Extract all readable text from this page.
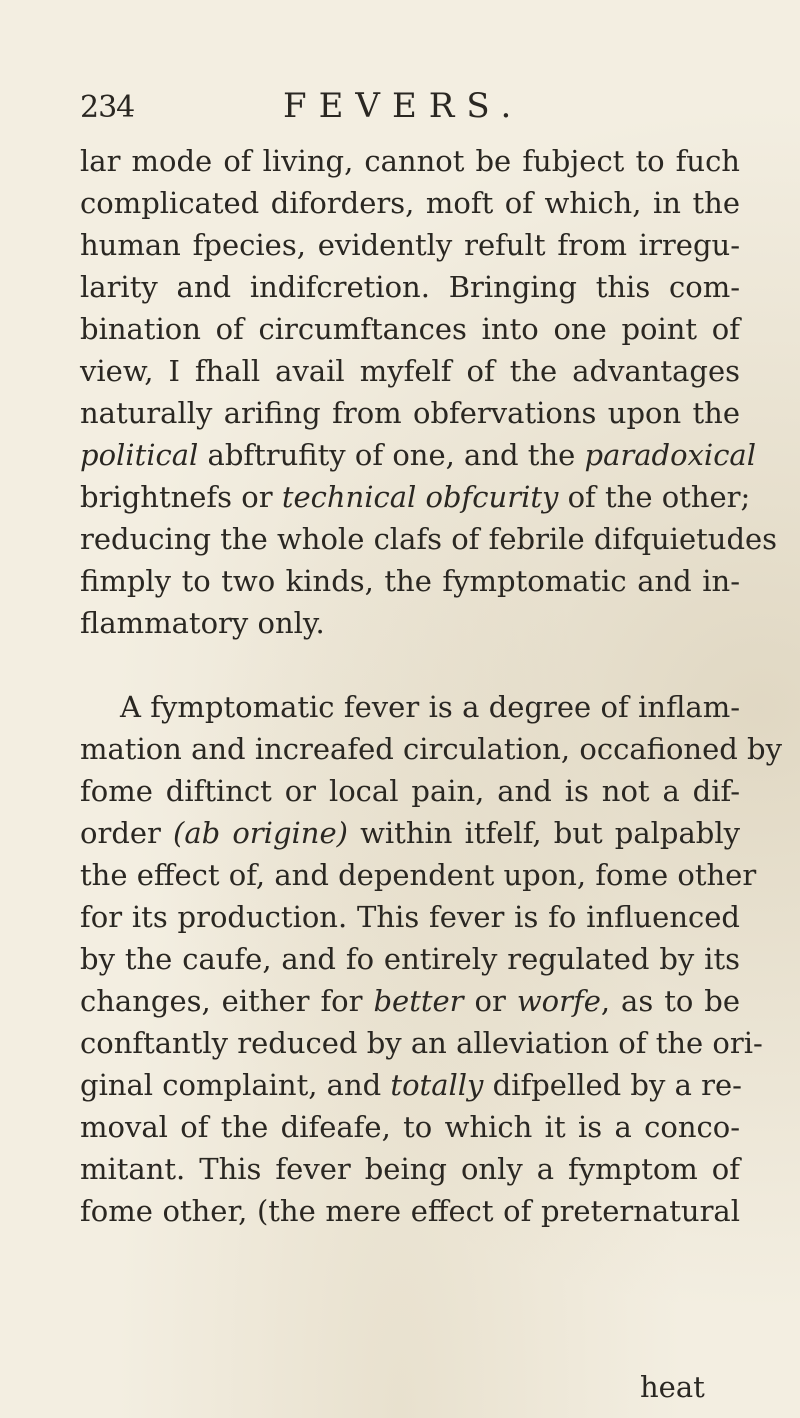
234	FEVERS.
lar mode of living, cannot be fubject to fuch
complicated diforders, moft of which, in the
human fpecies, evidently refult from irregu-
larity and indifcretion. Bringing this com-
bination of circumftances into one point of
view, I fhall avail myfelf of the advantages
naturally arifing from obfervations upon the
political abftrufity of one, and the paradoxical
brightnefs or technical obfcurity of the other;
reducing the whole clafs of febrile difquietudes
fimply to two kinds, the fymptomatic and in-
flammatory only.
A fymptomatic fever is a degree of inflam-
mation and increafed circulation, occafioned by
fome diftinct or local pain, and is not a dif-
order (ab origine) within itfelf, but palpably
the effect of, and dependent upon, fome other
for its production. This fever is fo influenced
by the caufe, and fo entirely regulated by its
changes, either for better or worfe, as to be
conftantly reduced by an alleviation of the ori-
ginal complaint, and totally difpelled by a re-
moval of the difeafe, to which it is a conco-
mitant. This fever being only a fymptom of
fome other, (the mere effect of preternatural
heat
